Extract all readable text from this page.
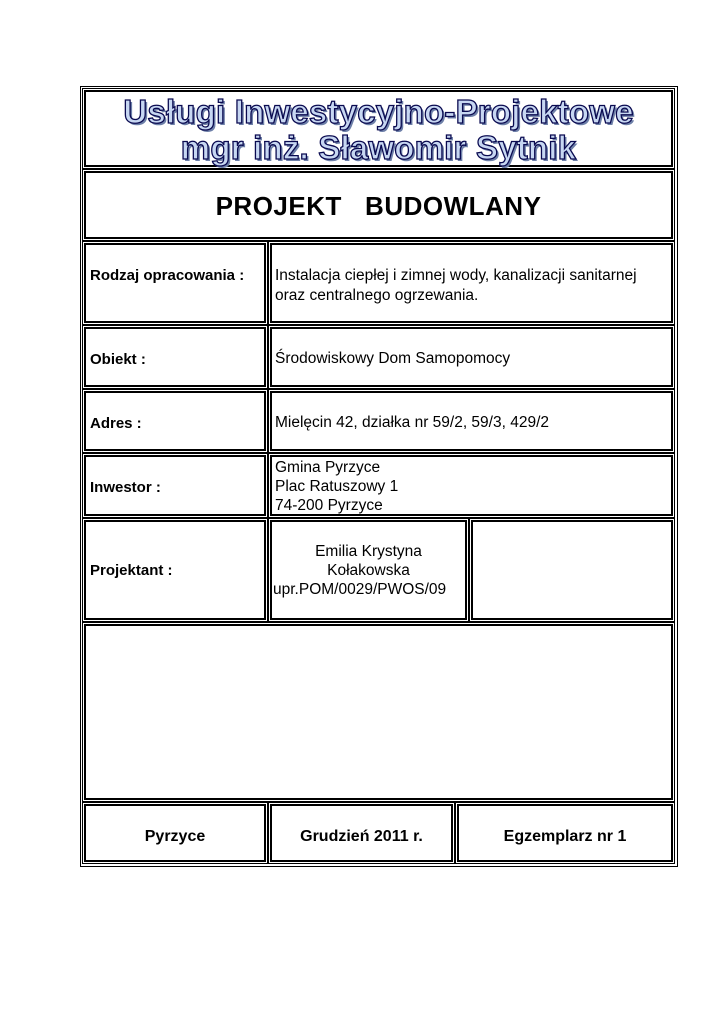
Usługi Inwestycyjno-Projektowe
mgr inż. Sławomir Sytnik
PROJEKT   BUDOWLANY
Rodzaj opracowania : Instalacja ciepłej i zimnej wody, kanalizacji sanitarnej
oraz centralnego ogrzewania.
Obiekt :	Środowiskowy Dom Samopomocy
Adres :	Mielęcin 42, działka nr 59/2, 59/3, 429/2
Inwestor :
Gmina Pyrzyce
Plac Ratuszowy 1
74-200 Pyrzyce
Projektant :
Emilia Krystyna
Kołakowska
upr.POM/0029/PWOS/09
Pyrzyce	Grudzień 2011 r.	Egzemplarz nr 1
